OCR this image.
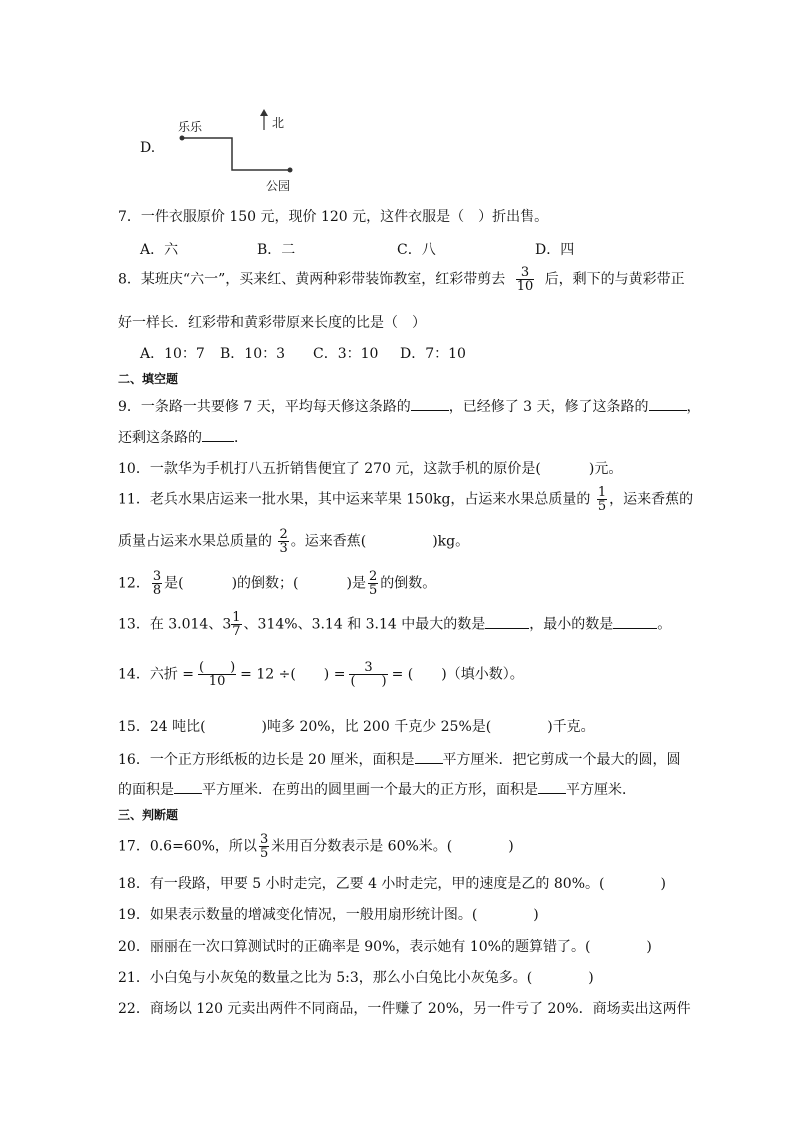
D.
乐乐	北
公园
7．一件衣服原价 150 元，现价 120 元，这件衣服是（　）折出售。
A．六	B．二	C．八	D．四
8．某班庆“六一”，买来红、黄两种彩带装饰教室，红彩带剪去 $\frac{3}{10}$ 后，剩下的与黄彩带正
好一样长．红彩带和黄彩带原来长度的比是（　）
A．10：7 B．10：3 C．3：10 D．7：10
二、填空题
9．一条路一共要修 7 天，平均每天修这条路的	，已经修了 3 天，修了这条路的	，
还剩这条路的 ．
10．一款华为手机打八五折销售便宜了 270 元，这款手机的原价是(	)元。
11．老兵水果店运来一批水果，其中运来苹果 150kg，占运来水果总质量的 $\frac{1}{5}$ ，运来香蕉的
质量占运来水果总质量的 $\frac{2}{3}$ 。运来香蕉(	)kg。
12． $\frac{3}{8}$ 是(	)的倒数；(	)是 $\frac{2}{5}$ 的倒数。
13．在 3.014、$3 \frac{1}{7}$ 、314%、3.14 和 3.14 中最大的数是	，最小的数是	。
14．六折 = $\frac{( )}{10} = 12$ ÷(　　) = $\frac{3}{( )}$ = (　　)（填小数）。
15．24 吨比(　　　　)吨多 20%，比 200 千克少 25%是(　　　　)千克。
16．一个正方形纸板的边长是 20 厘米，面积是 平方厘米．把它剪成一个最大的圆，圆
的面积是 平方厘米．在剪出的圆里画一个最大的正方形，面积是 平方厘米．
三、判断题
17．0.6=60%，所以 $\frac{3}{5}$ 米用百分数表示是 60%米。(　　　　)
18．有一段路，甲要 5 小时走完，乙要 4 小时走完，甲的速度是乙的 80%。(　　　　)
19．如果表示数量的增减变化情况，一般用扇形统计图。(　　　　)
20．丽丽在一次口算测试时的正确率是 90%，表示她有 10%的题算错了。(　　　　)
21．小白兔与小灰兔的数量之比为 5:3，那么小白兔比小灰兔多。(　　　　)
22．商场以 120 元卖出两件不同商品，一件赚了 20%，另一件亏了 20%．商场卖出这两件
